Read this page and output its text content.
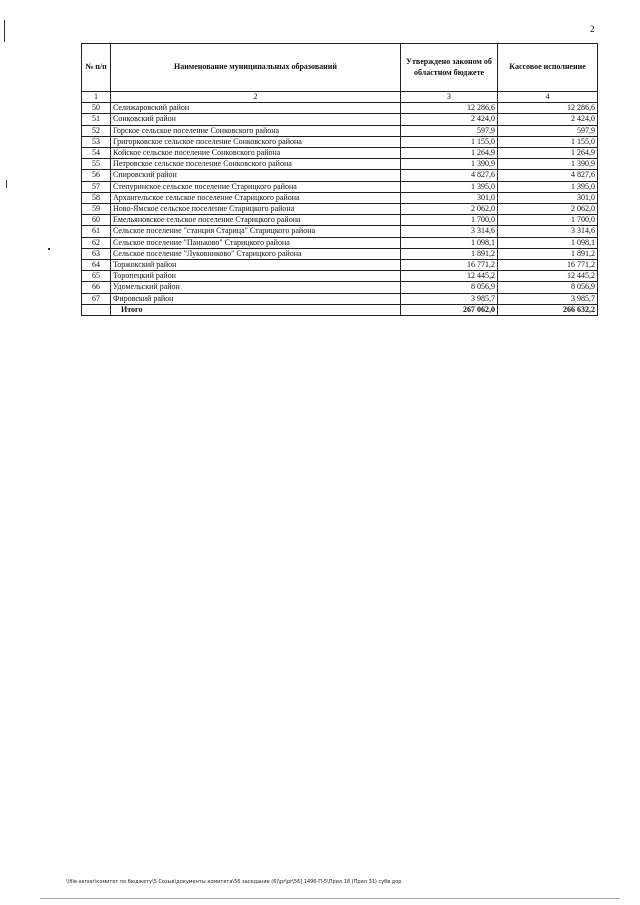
2
№ п/п	Наименование муниципальных образований	Утверждено законом об областном бюджете	Кассовое исполнение
1	2	3	4
50	Селижаровский район	12 286,6	12 286,6
51	Сонковский район	2 424,0	2 424,0
52	Горское сельское поселение Сонковского района	597,9	597,9
53	Григорковское сельское поселение Сонковского района	1 155,0	1 155,0
54	Койское сельское поселение Сонковского района	1 264,9	1 264,9
55	Петровское сельское поселение Сонковского района	1 390,9	1 390,9
56	Спировский район	4 827,6	4 827,6
57	Степуринское сельское поселение Старицкого района	1 395,0	1 395,0
58	Архангельское сельское поселение Старицкого района	301,0	301,0
59	Ново-Ямское сельское поселение Старицкого района	2 062,0	2 062,0
60	Емельяновское сельское поселение Старицкого района	1 700,0	1 700,0
61	Сельское поселение "станция Старица" Старицкого района	3 314,6	3 314,6
62	Сельское поселение "Паньково" Старицкого района	1 098,1	1 098,1
63	Сельское поселение "Луковниково" Старицкого района	1 891,2	1 891,2
64	Торжокский район	16 771,2	16 771,2
65	Торопецкий район	12 445,2	12 445,2
66	Удомельский район	8 056,9	8 056,9
67	Фировский район	3 985,7	3 985,7
	Итого	267 062,0	266 632,2
\\file-server\комитет по бюджету\5 Созыв\документы комитета\56 заседание (6)\pr\pr\56] 1496-П-5\Прил 18 (Прил 31) субв дор
